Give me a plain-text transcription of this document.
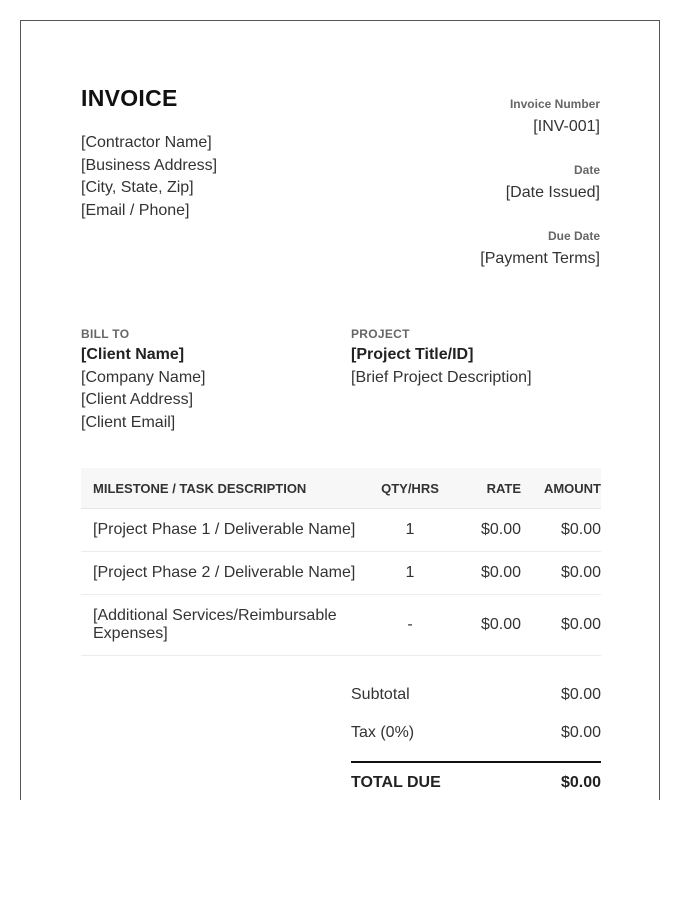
INVOICE
[Contractor Name]
[Business Address]
[City, State, Zip]
[Email / Phone]
Invoice Number
[INV-001]
Date
[Date Issued]
Due Date
[Payment Terms]
BILL TO
[Client Name]
[Company Name]
[Client Address]
[Client Email]
PROJECT
[Project Title/ID]
[Brief Project Description]
MILESTONE / TASK DESCRIPTION	QTY/HRS	RATE	AMOUNT
[Project Phase 1 / Deliverable Name]	1	$0.00	$0.00
[Project Phase 2 / Deliverable Name]	1	$0.00	$0.00
[Additional Services/Reimbursable Expenses]	-	$0.00	$0.00
Subtotal	$0.00
Tax (0%)	$0.00
TOTAL DUE	$0.00
